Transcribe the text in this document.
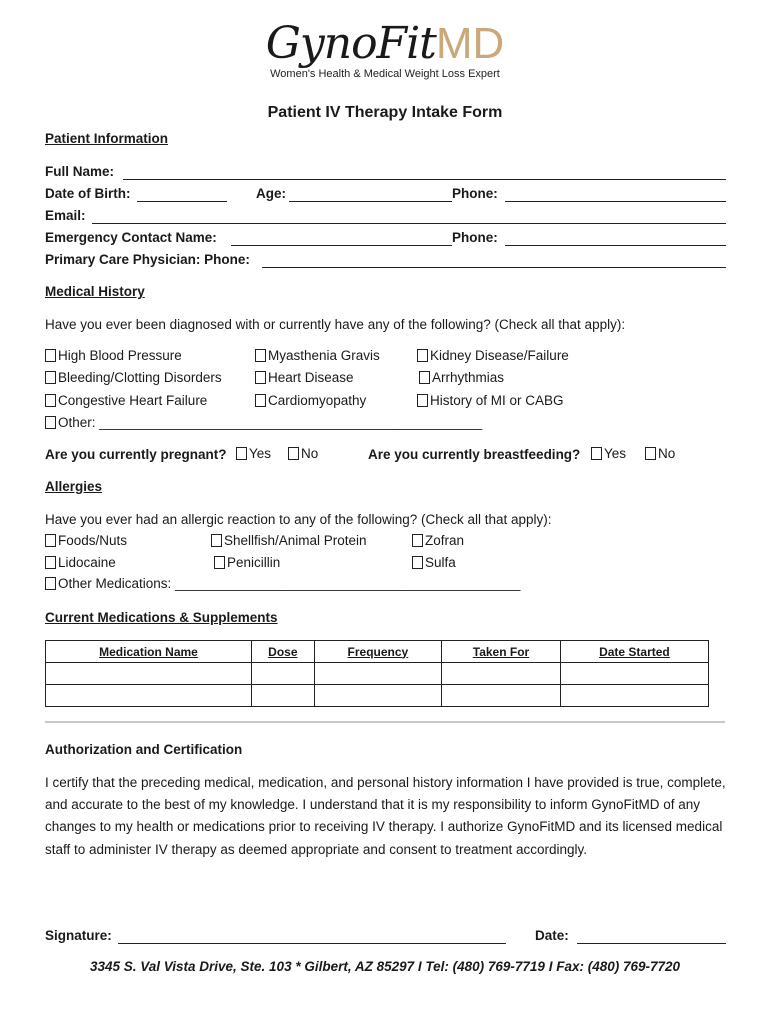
GynoFitMD
Women's Health & Medical Weight Loss Expert
Patient IV Therapy Intake Form
Patient Information
Full Name:
Date of Birth:	Age:	Phone:
Email:
Emergency Contact Name:	Phone:
Primary Care Physician: Phone:
Medical History
Have you ever been diagnosed with or currently have any of the following? (Check all that apply):
High Blood Pressure	Myasthenia Gravis	Kidney Disease/Failure
Bleeding/Clotting Disorders	Heart Disease	Arrhythmias
Congestive Heart Failure	Cardiomyopathy	History of MI or CABG
Other: ___________________________________________________
Are you currently pregnant?	Yes	No	Are you currently breastfeeding?	Yes	No
Allergies
Have you ever had an allergic reaction to any of the following? (Check all that apply):
Foods/Nuts	Shellfish/Animal Protein	Zofran
Lidocaine	Penicillin	Sulfa
Other Medications: ______________________________________________
Current Medications & Supplements
Medication Name	Dose	Frequency	Taken For	Date Started

Authorization and Certification
I certify that the preceding medical, medication, and personal history information I have provided is true, complete, and accurate to the best of my knowledge. I understand that it is my responsibility to inform GynoFitMD of any changes to my health or medications prior to receiving IV therapy. I authorize GynoFitMD and its licensed medical staff to administer IV therapy as deemed appropriate and consent to treatment accordingly.
Signature:	Date:
3345 S. Val Vista Drive, Ste. 103 * Gilbert, AZ 85297 I Tel: (480) 769-7719 I Fax: (480) 769-7720
